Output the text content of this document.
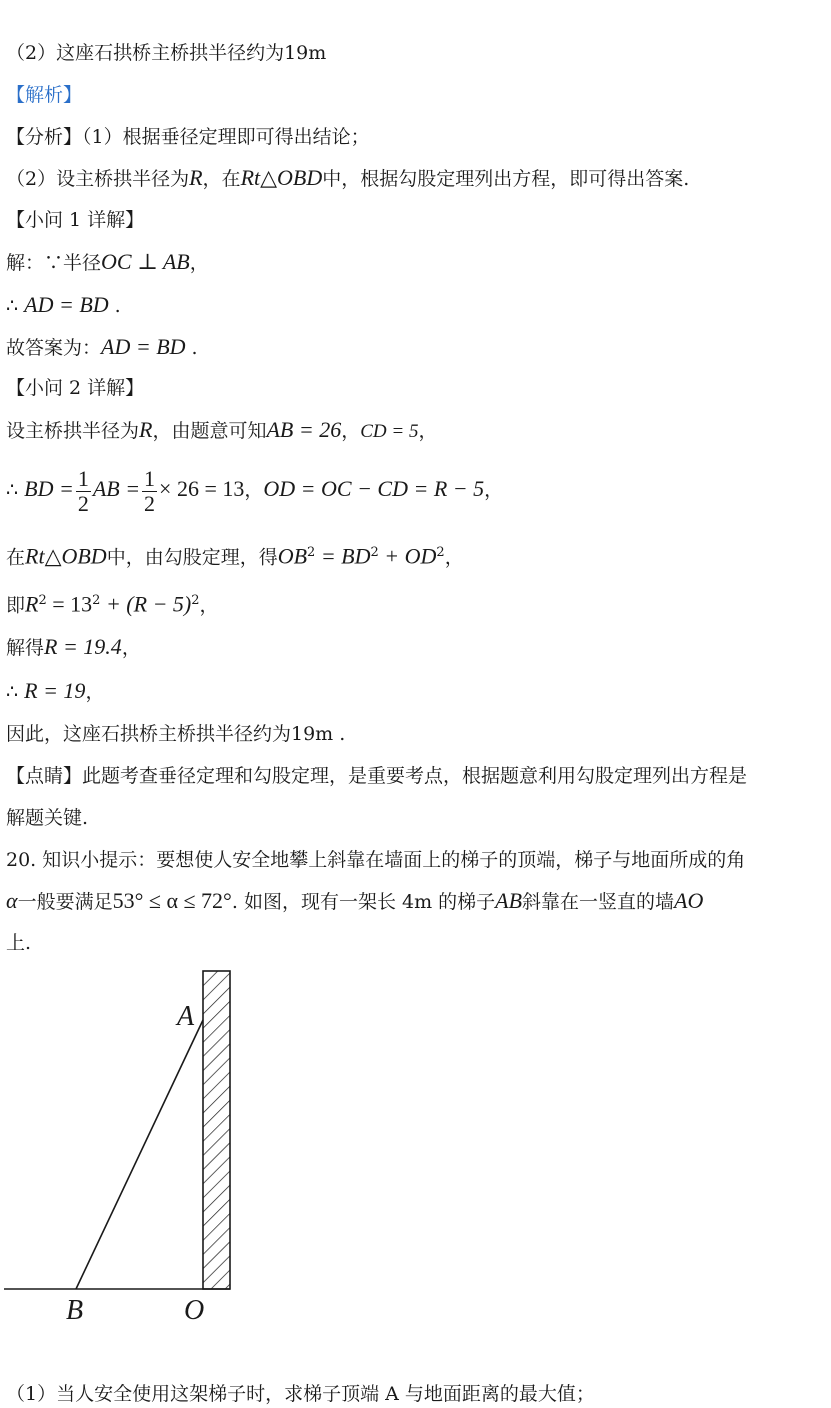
（2）这座石拱桥主桥拱半径约为19m
【解析】
【分析】（1）根据垂径定理即可得出结论；
（2）设主桥拱半径为R，在Rt△OBD中，根据勾股定理列出方程，即可得出答案.
【小问 1 详解】
解：∵半径OC ⊥ AB，
∴ AD = BD .
故答案为：AD = BD .
【小问 2 详解】
设主桥拱半径为R，由题意可知AB = 26，CD = 5，
∴ BD = $\frac{1}{2}$ AB = $\frac{1}{2} \times 26 = 13$，OD = OC − CD = R − 5，
在Rt△OBD中，由勾股定理，得$OB^2 = BD^2 + OD^2$，
即$R^2 = 13^2 + (R - 5)^2$，
解得R = 19.4，
∴ R = 19，
因此，这座石拱桥主桥拱半径约为19m .
【点睛】此题考查垂径定理和勾股定理，是重要考点，根据题意利用勾股定理列出方程是
解题关键.
20. 知识小提示：要想使人安全地攀上斜靠在墙面上的梯子的顶端，梯子与地面所成的角
α一般要满足53° ≤ α ≤ 72°. 如图，现有一架长 4m 的梯子AB斜靠在一竖直的墙AO
上.
A
B	O
（1）当人安全使用这架梯子时，求梯子顶端 A 与地面距离的最大值；
